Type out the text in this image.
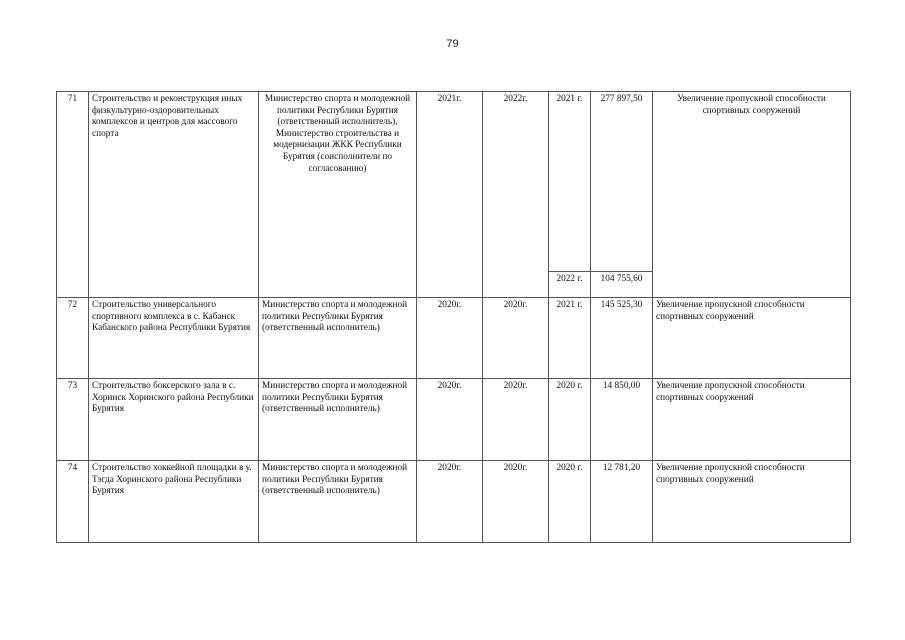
79
71	Строительство и реконструкция иных физкультурно-оздоровительных комплексов и центров для массового спорта	Министерство спорта и молодежной политики Республики Бурятия (ответственный исполнитель), Министерство строительства и модернизации ЖКК Республики Бурятия (соисполнители по согласованию)	2021г.	2022г.	2021 г.	277 897,50	Увеличение пропускной способности спортивных сооружений
					2022 г.	104 755,60	
72	Строительство универсального спортивного комплекса в с. Кабанск Кабанского района Республики Бурятия	Министерство спорта и молодежной политики Республики Бурятия (ответственный исполнитель)	2020г.	2020г.	2021 г.	145 525,30	Увеличение пропускной способности спортивных сооружений
73	Строительство боксерского зала в с. Хоринск Хоринского района Республики Бурятия	Министерство спорта и молодежной политики Республики Бурятия (ответственный исполнитель)	2020г.	2020г.	2020 г.	14 850,00	Увеличение пропускной способности спортивных сооружений
74	Строительство хоккейной площадки в у. Тэгда Хоринского района Республики Бурятия	Министерство спорта и молодежной политики Республики Бурятия (ответственный исполнитель)	2020г.	2020г.	2020 г.	12 781,20	Увеличение пропускной способности спортивных сооружений
